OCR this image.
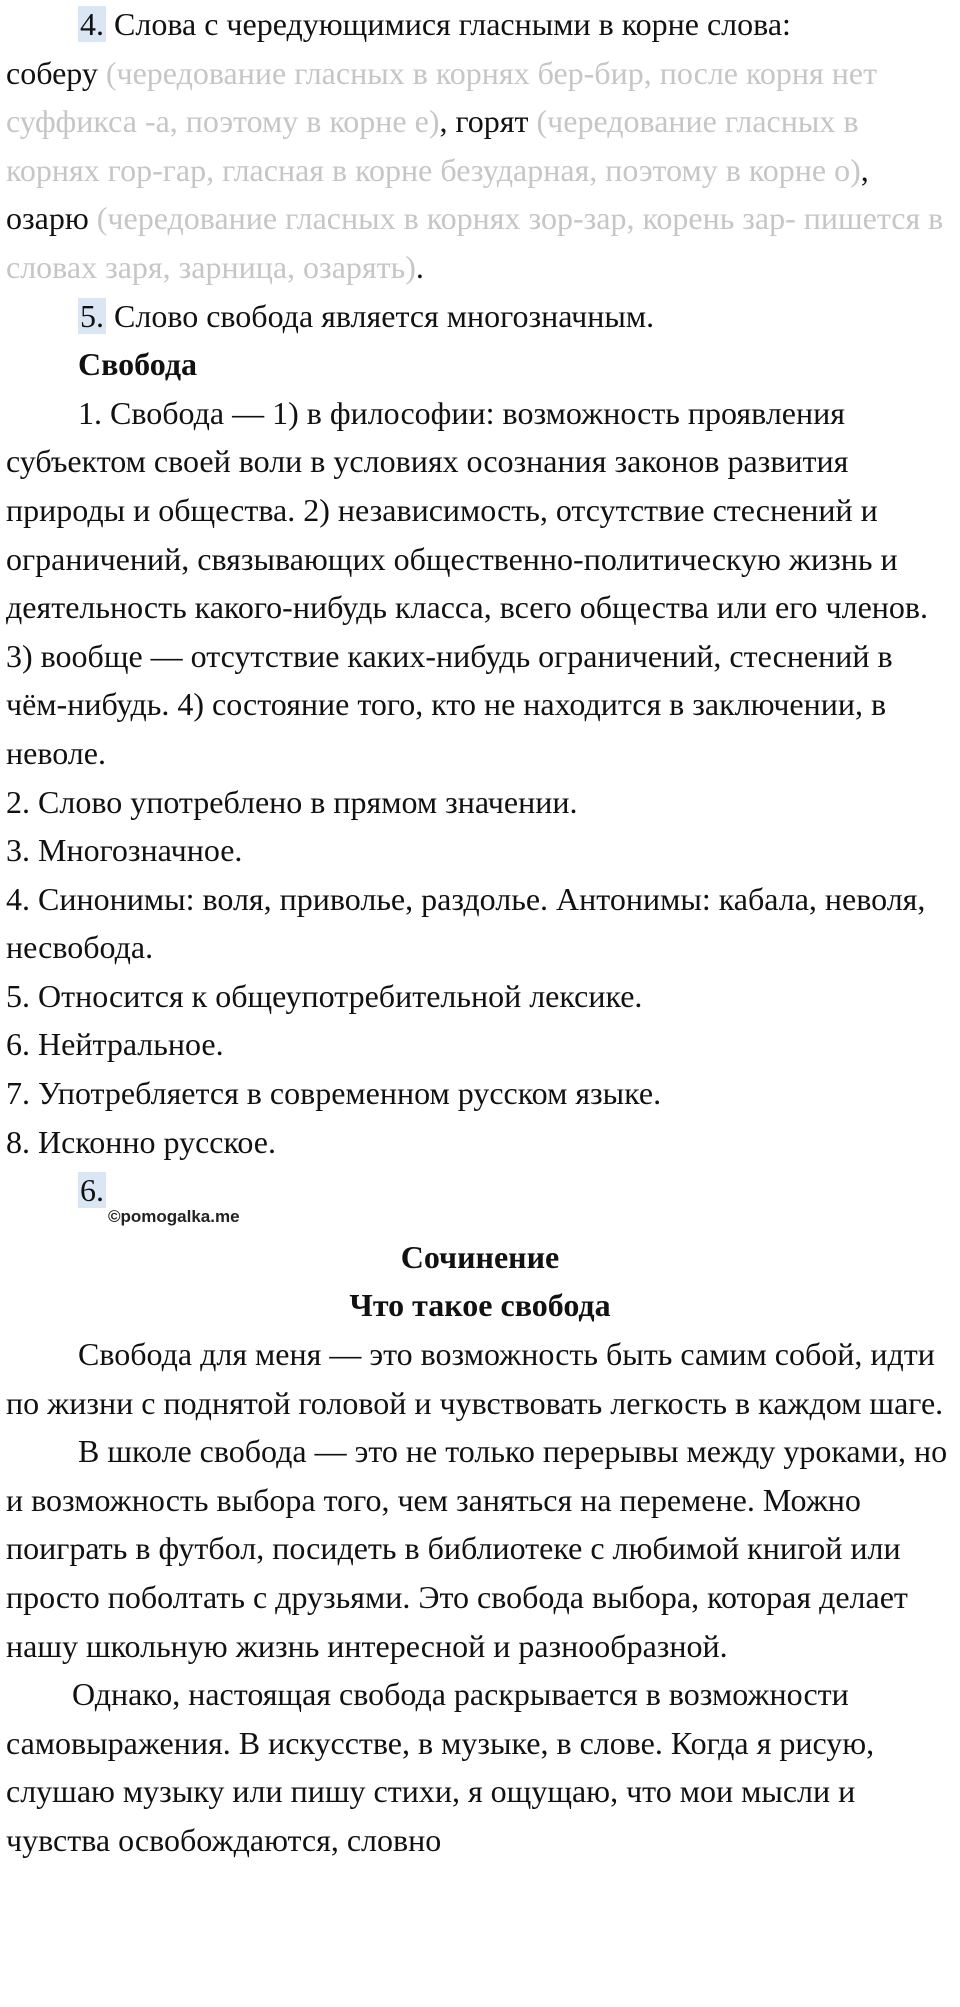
4. Слова с чередующимися гласными в корне слова:

соберу (чередование гласных в корнях бер-бир, после корня нет суффикса -а, поэтому в корне е), горят (чередование гласных в корнях гор-гар, гласная в корне безударная, поэтому в корне о), озарю (чередование гласных в корнях зор-зар, корень зар- пишется в словах заря, зарница, озарять).

5. Слово свобода является многозначным.

Свобода

1. Свобода — 1) в философии: возможность проявления субъектом своей воли в условиях осознания законов развития природы и общества. 2) независимость, отсутствие стеснений и ограничений, связывающих общественно-политическую жизнь и деятельность какого-нибудь класса, всего общества или его членов. 3) вообще — отсутствие каких-нибудь ограничений, стеснений в чём-нибудь. 4) состояние того, кто не находится в заключении, в неволе.

2. Слово употреблено в прямом значении.

3. Многозначное.

4. Синонимы: воля, приволье, раздолье. Антонимы: кабала, неволя, несвобода.

5. Относится к общеупотребительной лексике.

6. Нейтральное.

7. Употребляется в современном русском языке.

8. Исконно русское.

6.

©pomogalka.me

Сочинение

Что такое свобода

Свобода для меня — это возможность быть самим собой, идти по жизни с поднятой головой и чувствовать легкость в каждом шаге.

В школе свобода — это не только перерывы между уроками, но и возможность выбора того, чем заняться на перемене. Можно поиграть в футбол, посидеть в библиотеке с любимой книгой или просто поболтать с друзьями. Это свобода выбора, которая делает нашу школьную жизнь интересной и разнообразной.

Однако, настоящая свобода раскрывается в возможности самовыражения. В искусстве, в музыке, в слове. Когда я рисую, слушаю музыку или пишу стихи, я ощущаю, что мои мысли и чувства освобождаются, словно
